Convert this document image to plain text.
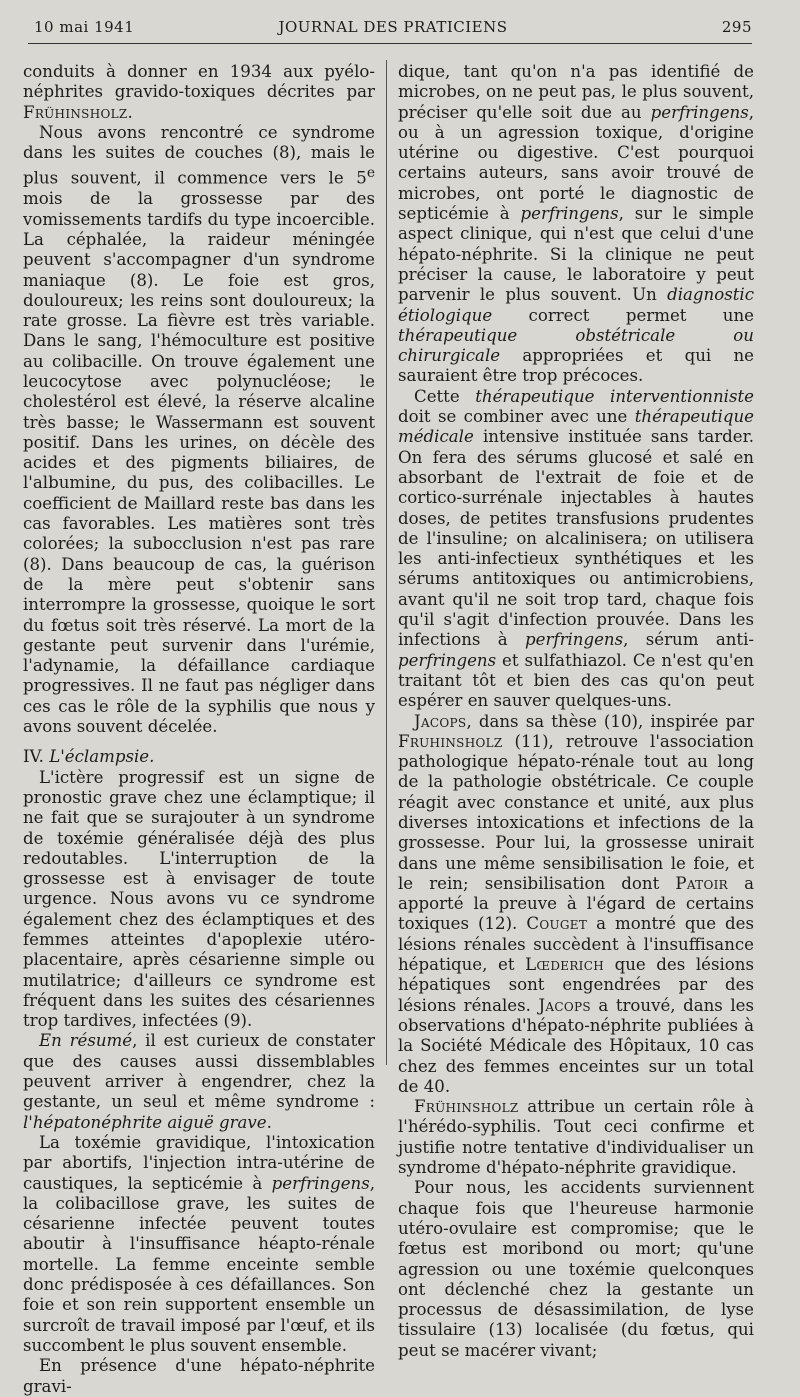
10 mai 1941	JOURNAL DES PRATICIENS	295

conduits à donner en 1934 aux pyélo-néphrites gravido-toxiques décrites par Frühinsholz.

Nous avons rencontré ce syndrome dans les suites de couches (8), mais le plus souvent, il commence vers le 5e mois de la grossesse par des vomissements tardifs du type incoercible. La céphalée, la raideur méningée peuvent s'accompagner d'un syndrome maniaque (8). Le foie est gros, douloureux; les reins sont douloureux; la rate grosse. La fièvre est très variable. Dans le sang, l'hémoculture est positive au colibacille. On trouve également une leucocytose avec polynucléose; le cholestérol est élevé, la réserve alcaline très basse; le Wassermann est souvent positif. Dans les urines, on décèle des acides et des pigments biliaires, de l'albumine, du pus, des colibacilles. Le coefficient de Maillard reste bas dans les cas favorables. Les matières sont très colorées; la subocclusion n'est pas rare (8). Dans beaucoup de cas, la guérison de la mère peut s'obtenir sans interrompre la grossesse, quoique le sort du fœtus soit très réservé. La mort de la gestante peut survenir dans l'urémie, l'adynamie, la défaillance cardiaque progressives. Il ne faut pas négliger dans ces cas le rôle de la syphilis que nous y avons souvent décelée.

IV. L'éclampsie.

L'ictère progressif est un signe de pronostic grave chez une éclamptique; il ne fait que se surajouter à un syndrome de toxémie généralisée déjà des plus redoutables. L'interruption de la grossesse est à envisager de toute urgence. Nous avons vu ce syndrome également chez des éclamptiques et des femmes atteintes d'apoplexie utéro-placentaire, après césarienne simple ou mutilatrice; d'ailleurs ce syndrome est fréquent dans les suites des césariennes trop tardives, infectées (9).

En résumé, il est curieux de constater que des causes aussi dissemblables peuvent arriver à engendrer, chez la gestante, un seul et même syndrome : l'hépatonéphrite aiguë grave.

La toxémie gravidique, l'intoxication par abortifs, l'injection intra-utérine de caustiques, la septicémie à perfringens, la colibacillose grave, les suites de césarienne infectée peuvent toutes aboutir à l'insuffisance héapto-rénale mortelle. La femme enceinte semble donc prédisposée à ces défaillances. Son foie et son rein supportent ensemble un surcroît de travail imposé par l'œuf, et ils succombent le plus souvent ensemble.

En présence d'une hépato-néphrite gravi-

dique, tant qu'on n'a pas identifié de microbes, on ne peut pas, le plus souvent, préciser qu'elle soit due au perfringens, ou à un agression toxique, d'origine utérine ou digestive. C'est pourquoi certains auteurs, sans avoir trouvé de microbes, ont porté le diagnostic de septicémie à perfringens, sur le simple aspect clinique, qui n'est que celui d'une hépato-néphrite. Si la clinique ne peut préciser la cause, le laboratoire y peut parvenir le plus souvent. Un diagnostic étiologique correct permet une thérapeutique obstétricale ou chirurgicale appropriées et qui ne sauraient être trop précoces.

Cette thérapeutique interventionniste doit se combiner avec une thérapeutique médicale intensive instituée sans tarder. On fera des sérums glucosé et salé en absorbant de l'extrait de foie et de cortico-surrénale injectables à hautes doses, de petites transfusions prudentes de l'insuline; on alcalinisera; on utilisera les anti-infectieux synthétiques et les sérums antitoxiques ou antimicrobiens, avant qu'il ne soit trop tard, chaque fois qu'il s'agit d'infection prouvée. Dans les infections à perfringens, sérum anti-perfringens et sulfathiazol. Ce n'est qu'en traitant tôt et bien des cas qu'on peut espérer en sauver quelques-uns.

Jacops, dans sa thèse (10), inspirée par Fruhinsholz (11), retrouve l'association pathologique hépato-rénale tout au long de la pathologie obstétricale. Ce couple réagit avec constance et unité, aux plus diverses intoxications et infections de la grossesse. Pour lui, la grossesse unirait dans une même sensibilisation le foie, et le rein; sensibilisation dont Patoir a apporté la preuve à l'égard de certains toxiques (12). Couget a montré que des lésions rénales succèdent à l'insuffisance hépatique, et Lœderich que des lésions hépatiques sont engendrées par des lésions rénales. Jacops a trouvé, dans les observations d'hépato-néphrite publiées à la Société Médicale des Hôpitaux, 10 cas chez des femmes enceintes sur un total de 40.

Frühinsholz attribue un certain rôle à l'hérédo-syphilis. Tout ceci confirme et justifie notre tentative d'individualiser un syndrome d'hépato-néphrite gravidique.

Pour nous, les accidents surviennent chaque fois que l'heureuse harmonie utéro-ovulaire est compromise; que le fœtus est moribond ou mort; qu'une agression ou une toxémie quelconques ont déclenché chez la gestante un processus de désassimilation, de lyse tissulaire (13) localisée (du fœtus, qui peut se macérer vivant;
